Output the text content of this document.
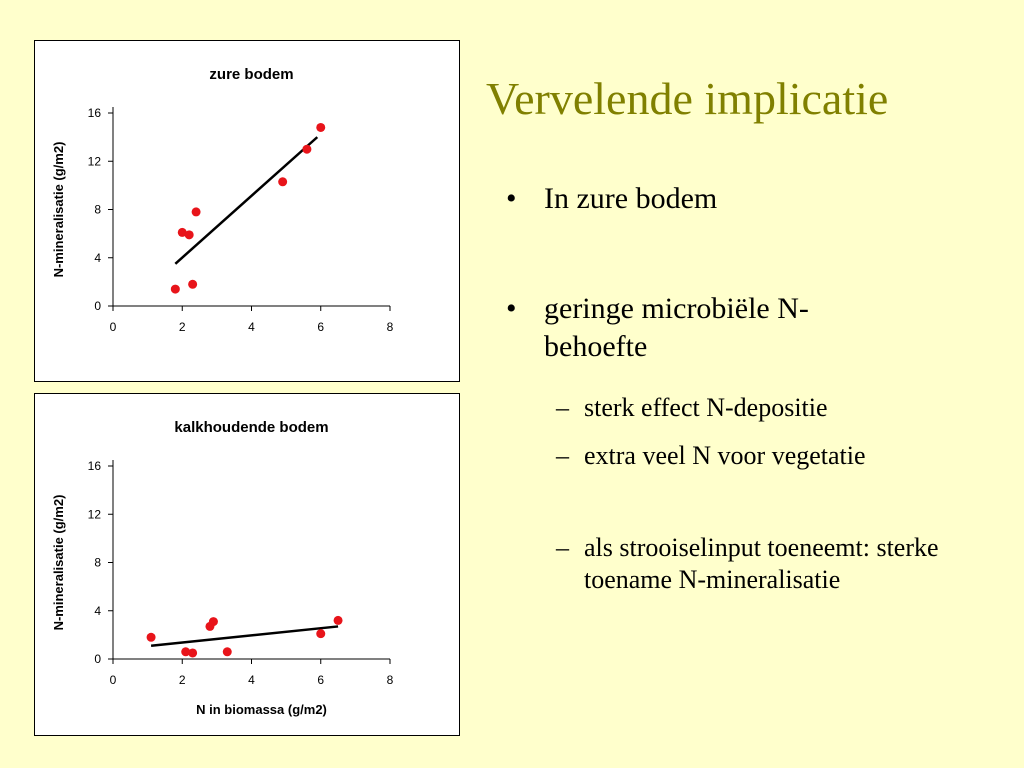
zure bodem
0
4
8
12
16
0	2	4	6	8
N-mineralisatie (g/m2)
kalkhoudende bodem
0
4
8
12
16
0	2	4	6	8
N-mineralisatie (g/m2)
N in biomassa (g/m2)
Vervelende implicatie
• In zure bodem
• geringe microbiële N-behoefte
– sterk effect N-depositie
– extra veel N voor vegetatie
– als strooiselinput toeneemt: sterke toename N-mineralisatie
